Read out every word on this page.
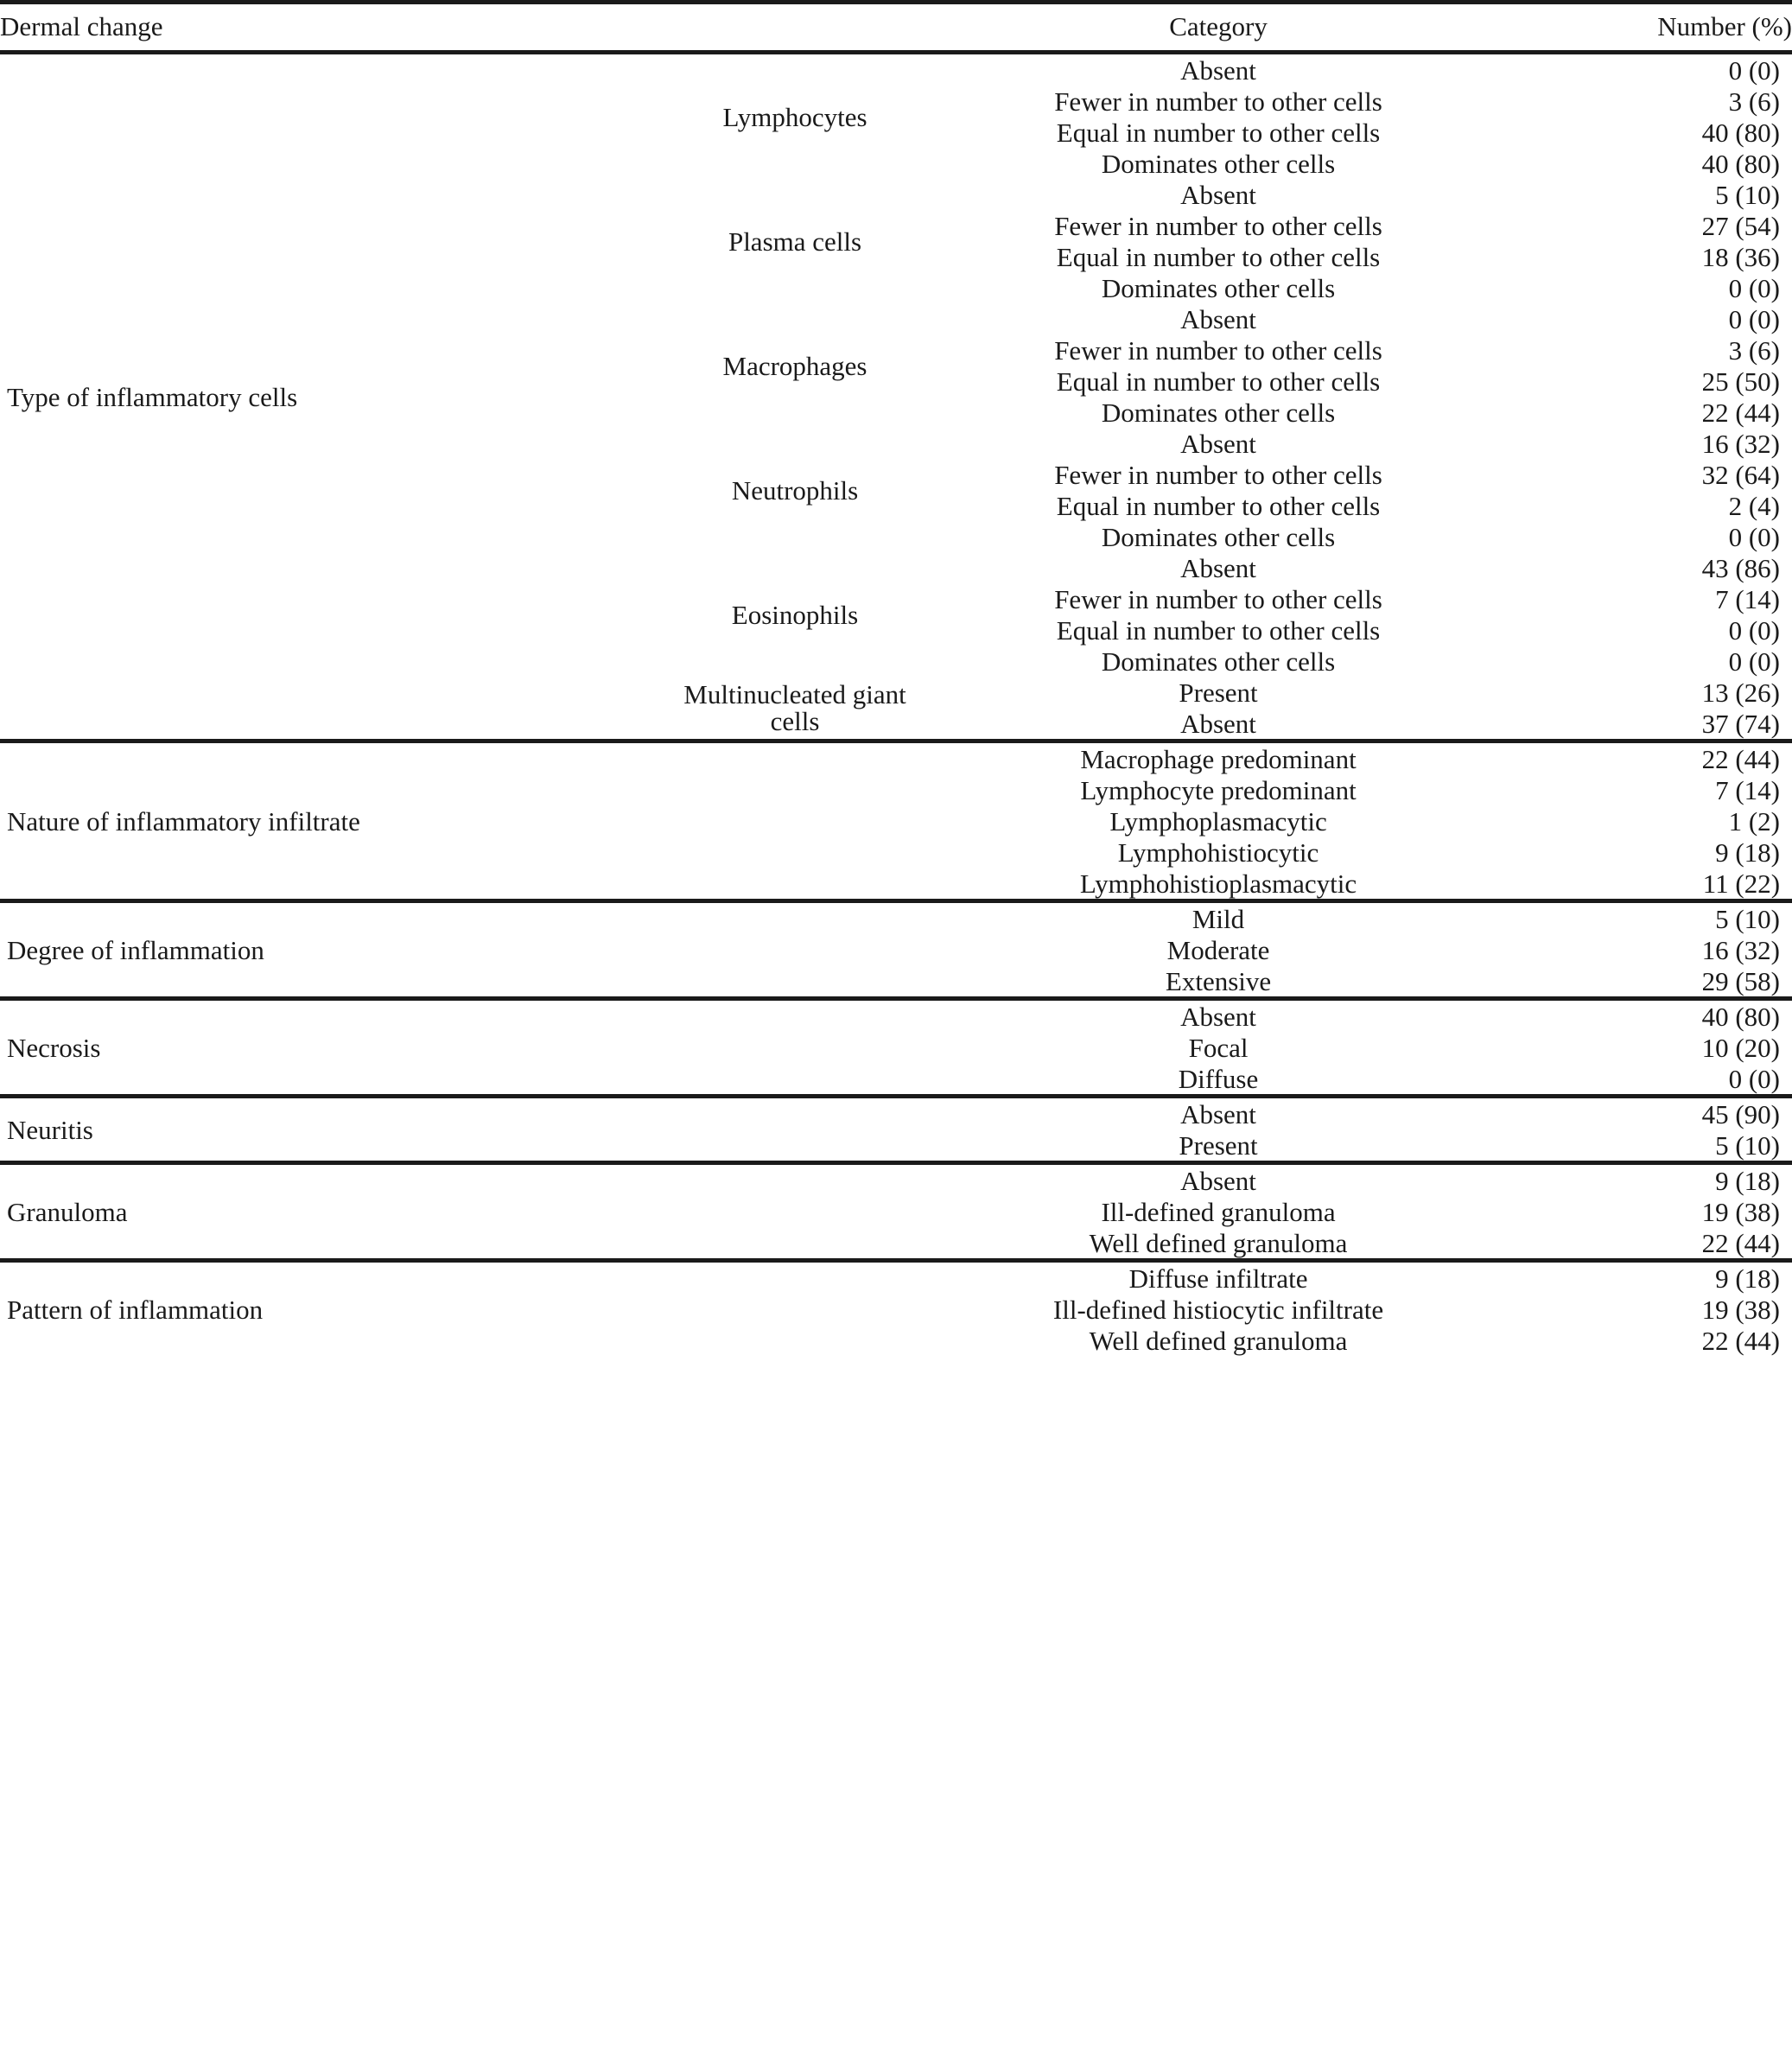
Dermal change		Category	Number (%)
Type of inflammatory cells	Lymphocytes	Absent	0 (0)
		Fewer in number to other cells	3 (6)
		Equal in number to other cells	40 (80)
		Dominates other cells	40 (80)
	Plasma cells	Absent	5 (10)
		Fewer in number to other cells	27 (54)
		Equal in number to other cells	18 (36)
		Dominates other cells	0 (0)
	Macrophages	Absent	0 (0)
		Fewer in number to other cells	3 (6)
		Equal in number to other cells	25 (50)
		Dominates other cells	22 (44)
	Neutrophils	Absent	16 (32)
		Fewer in number to other cells	32 (64)
		Equal in number to other cells	2 (4)
		Dominates other cells	0 (0)
	Eosinophils	Absent	43 (86)
		Fewer in number to other cells	7 (14)
		Equal in number to other cells	0 (0)
		Dominates other cells	0 (0)
	Multinucleated giant cells	Present	13 (26)
		Absent	37 (74)
Nature of inflammatory infiltrate		Macrophage predominant	22 (44)
		Lymphocyte predominant	7 (14)
		Lymphoplasmacytic	1 (2)
		Lymphohistiocytic	9 (18)
		Lymphohistioplasmacytic	11 (22)
Degree of inflammation		Mild	5 (10)
		Moderate	16 (32)
		Extensive	29 (58)
Necrosis		Absent	40 (80)
		Focal	10 (20)
		Diffuse	0 (0)
Neuritis		Absent	45 (90)
		Present	5 (10)
Granuloma		Absent	9 (18)
		Ill-defined granuloma	19 (38)
		Well defined granuloma	22 (44)
Pattern of inflammation		Diffuse infiltrate	9 (18)
		Ill-defined histiocytic infiltrate	19 (38)
		Well defined granuloma	22 (44)
